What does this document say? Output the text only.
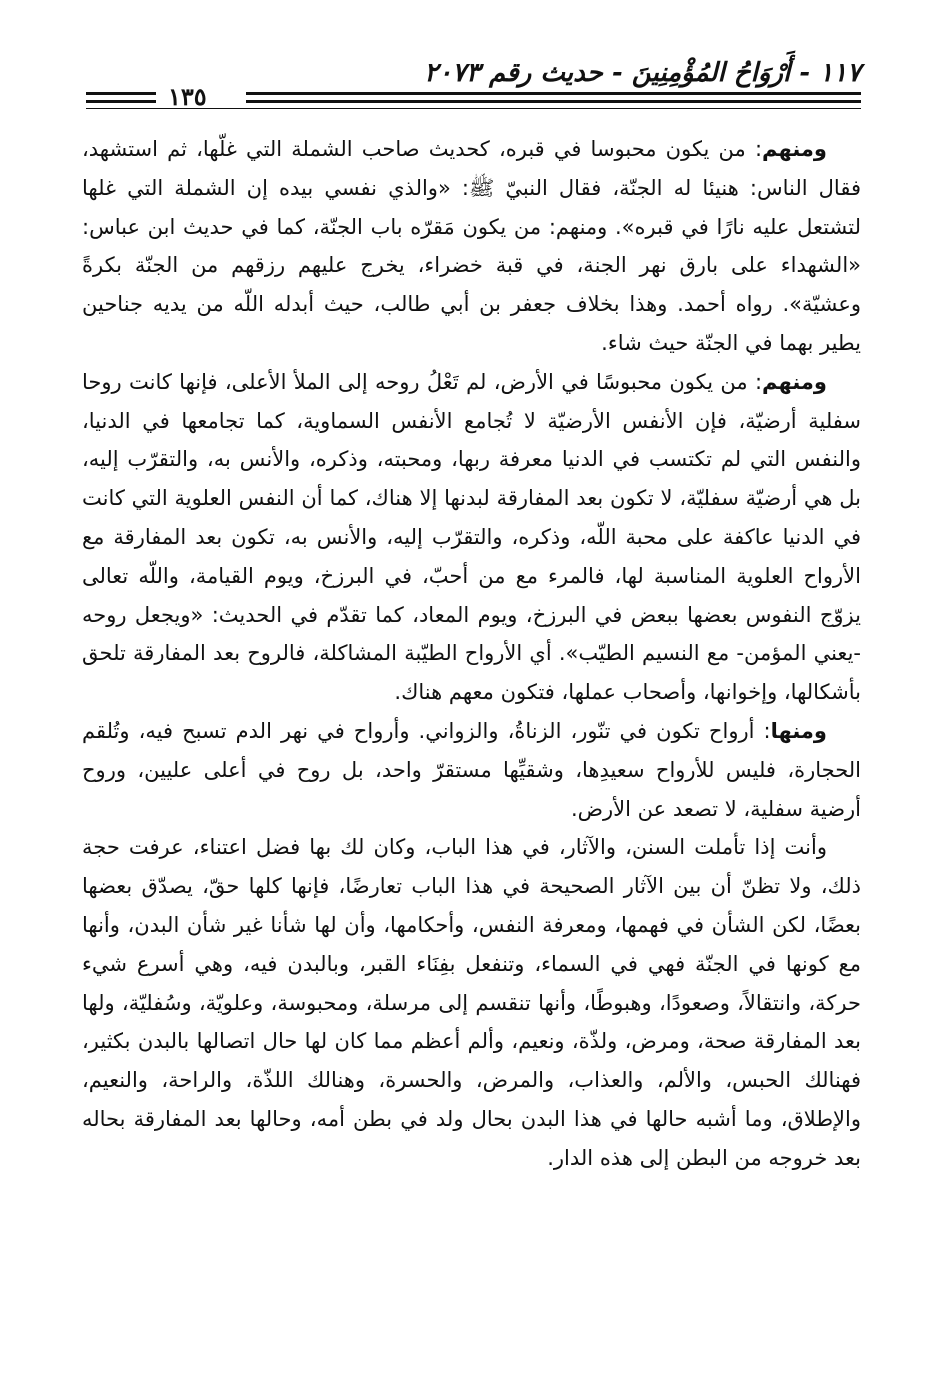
١١٧ - أَرْوَاحُ المُؤْمِنِينَ - حديث رقم ٢٠٧٣
١٣٥

ومنهم: من يكون محبوسا في قبره، كحديث صاحب الشملة التي غلّها، ثم استشهد، فقال الناس: هنيئا له الجنّة، فقال النبيّ ﷺ: «والذي نفسي بيده إن الشملة التي غلها لتشتعل عليه نارًا في قبره». ومنهم: من يكون مَقرّه باب الجنّة، كما في حديث ابن عباس: «الشهداء على بارق نهر الجنة، في قبة خضراء، يخرج عليهم رزقهم من الجنّة بكرةً وعشيّة». رواه أحمد. وهذا بخلاف جعفر بن أبي طالب، حيث أبدله اللّه من يديه جناحين يطير بهما في الجنّة حيث شاء.

ومنهم: من يكون محبوسًا في الأرض، لم تَعْلُ روحه إلى الملأ الأعلى، فإنها كانت روحا سفلية أرضيّة، فإن الأنفس الأرضيّة لا تُجامع الأنفس السماوية، كما تجامعها في الدنيا، والنفس التي لم تكتسب في الدنيا معرفة ربها، ومحبته، وذكره، والأنس به، والتقرّب إليه، بل هي أرضيّة سفليّة، لا تكون بعد المفارقة لبدنها إلا هناك، كما أن النفس العلوية التي كانت في الدنيا عاكفة على محبة اللّه، وذكره، والتقرّب إليه، والأنس به، تكون بعد المفارقة مع الأرواح العلوية المناسبة لها، فالمرء مع من أحبّ، في البرزخ، ويوم القيامة، واللّه تعالى يزوّج النفوس بعضها ببعض في البرزخ، ويوم المعاد، كما تقدّم في الحديث: «ويجعل روحه -يعني المؤمن- مع النسيم الطيّب». أي الأرواح الطيّبة المشاكلة، فالروح بعد المفارقة تلحق بأشكالها، وإخوانها، وأصحاب عملها، فتكون معهم هناك.

ومنها: أرواح تكون في تنّور، الزناةُ، والزواني. وأرواح في نهر الدم تسبح فيه، وتُلقم الحجارة، فليس للأرواح سعيدِها، وشقيِّها مستقرّ واحد، بل روح في أعلى عليين، وروح أرضية سفلية، لا تصعد عن الأرض.

وأنت إذا تأملت السنن، والآثار، في هذا الباب، وكان لك بها فضل اعتناء، عرفت حجة ذلك، ولا تظنّ أن بين الآثار الصحيحة في هذا الباب تعارضًا، فإنها كلها حقّ، يصدّق بعضها بعضًا، لكن الشأن في فهمها، ومعرفة النفس، وأحكامها، وأن لها شأنا غير شأن البدن، وأنها مع كونها في الجنّة فهي في السماء، وتنفعل بفِنَاء القبر، وبالبدن فيه، وهي أسرع شيء حركة، وانتقالاً، وصعودًا، وهبوطًا، وأنها تنقسم إلى مرسلة، ومحبوسة، وعلويّة، وسُفليّة، ولها بعد المفارقة صحة، ومرض، ولذّة، ونعيم، وألم أعظم مما كان لها حال اتصالها بالبدن بكثير، فهنالك الحبس، والألم، والعذاب، والمرض، والحسرة، وهنالك اللذّة، والراحة، والنعيم، والإطلاق، وما أشبه حالها في هذا البدن بحال ولد في بطن أمه، وحالها بعد المفارقة بحاله بعد خروجه من البطن إلى هذه الدار.
